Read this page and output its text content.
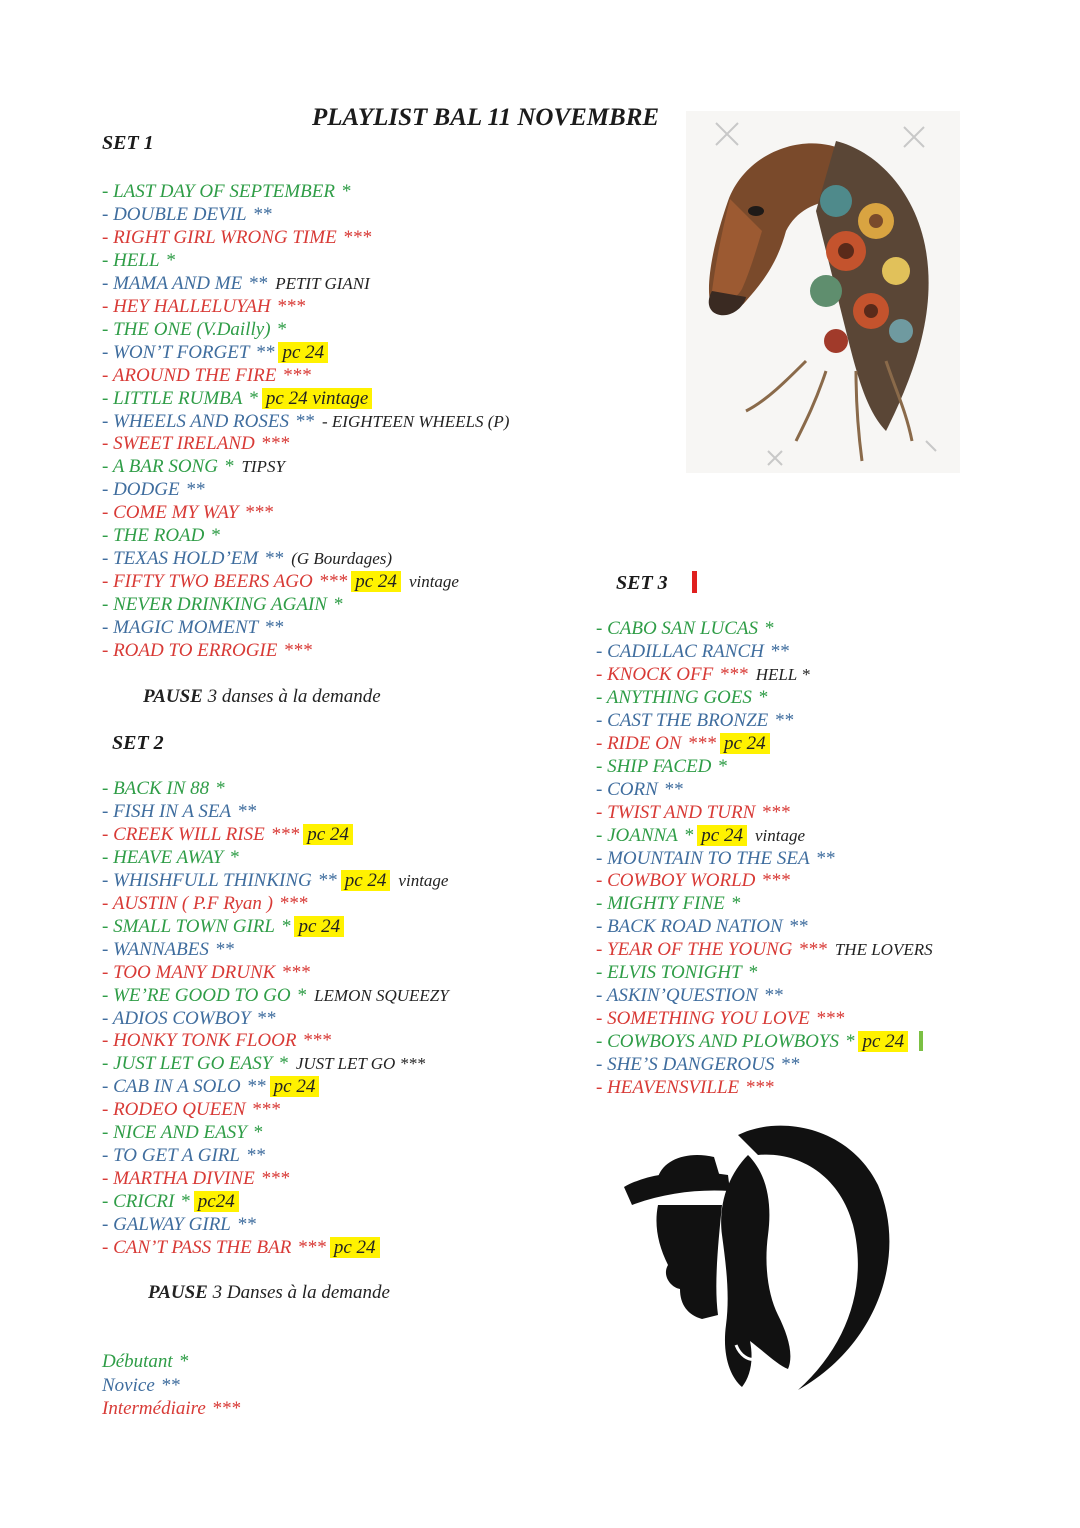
PLAYLIST BAL 11 NOVEMBRE
SET 1
- LAST DAY OF SEPTEMBER *
- DOUBLE DEVIL **
- RIGHT GIRL WRONG TIME ***
- HELL *
- MAMA AND ME ** PETIT GIANI
- HEY HALLELUYAH ***
- THE ONE (V.Dailly) *
- WON’T FORGET ** pc 24
- AROUND THE FIRE ***
- LITTLE RUMBA * pc 24 vintage
- WHEELS AND ROSES ** - EIGHTEEN WHEELS (P)
- SWEET IRELAND ***
- A BAR SONG * TIPSY
- DODGE **
- COME MY WAY ***
- THE ROAD *
- TEXAS HOLD’EM ** (G Bourdages)
- FIFTY TWO BEERS AGO *** pc 24 vintage
- NEVER DRINKING AGAIN *
- MAGIC MOMENT **
- ROAD TO ERROGIE ***
PAUSE 3 danses à la demande
SET 2
- BACK IN 88 *
- FISH IN A SEA **
- CREEK WILL RISE *** pc 24
- HEAVE AWAY *
- WHISHFULL THINKING ** pc 24 vintage
- AUSTIN ( P.F Ryan ) ***
- SMALL TOWN GIRL * pc 24
- WANNABES **
- TOO MANY DRUNK ***
- WE’RE GOOD TO GO * LEMON SQUEEZY
- ADIOS COWBOY **
- HONKY TONK FLOOR ***
- JUST LET GO EASY * JUST LET GO ***
- CAB IN A SOLO ** pc 24
- RODEO QUEEN ***
- NICE AND EASY *
- TO GET A GIRL **
- MARTHA DIVINE ***
- CRICRI * pc24
- GALWAY GIRL **
- CAN’T PASS THE BAR *** pc 24
PAUSE 3 Danses à la demande
SET 3
- CABO SAN LUCAS *
- CADILLAC RANCH **
- KNOCK OFF *** HELL *
- ANYTHING GOES *
- CAST THE BRONZE **
- RIDE ON *** pc 24
- SHIP FACED *
- CORN **
- TWIST AND TURN ***
- JOANNA * pc 24 vintage
- MOUNTAIN TO THE SEA **
- COWBOY WORLD ***
- MIGHTY FINE *
- BACK ROAD NATION **
- YEAR OF THE YOUNG *** THE LOVERS
- ELVIS TONIGHT *
- ASKIN’QUESTION **
- SOMETHING YOU LOVE ***
- COWBOYS AND PLOWBOYS * pc 24
- SHE’S DANGEROUS **
- HEAVENSVILLE ***
Débutant *
Novice **
Intermédiaire ***
